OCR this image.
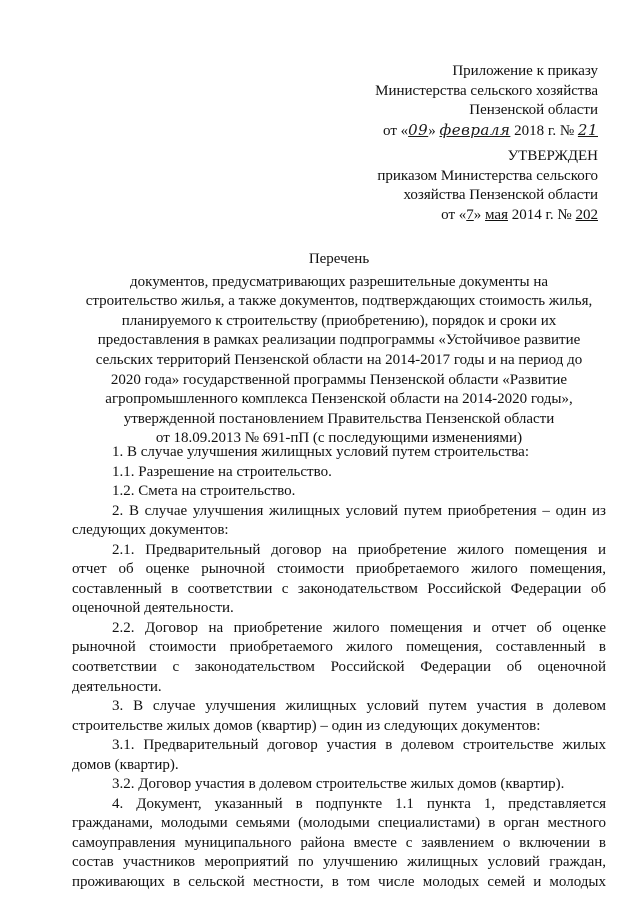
Приложение к приказу
Министерства сельского хозяйства
Пензенской области
от «09» февраля 2018 г. № 21
УТВЕРЖДЕН
приказом Министерства сельского
хозяйства Пензенской области
от «7» мая 2014 г. № 202
Перечень
документов, предусматривающих разрешительные документы на
строительство жилья, а также документов, подтверждающих стоимость жилья,
планируемого к строительству (приобретению), порядок и сроки их
предоставления в рамках реализации подпрограммы «Устойчивое развитие
сельских территорий Пензенской области на 2014-2017 годы и на период до
2020 года» государственной программы Пензенской области «Развитие
агропромышленного комплекса Пензенской области на 2014-2020 годы»,
утвержденной постановлением Правительства Пензенской области
от 18.09.2013 № 691-пП (с последующими изменениями)
1. В случае улучшения жилищных условий путем строительства:
1.1. Разрешение на строительство.
1.2. Смета на строительство.
2. В случае улучшения жилищных условий путем приобретения – один из
следующих документов:
2.1. Предварительный договор на приобретение жилого помещения и
отчет об оценке рыночной стоимости приобретаемого жилого помещения,
составленный в соответствии с законодательством Российской Федерации об
оценочной деятельности.
2.2. Договор на приобретение жилого помещения и отчет об оценке
рыночной стоимости приобретаемого жилого помещения, составленный в
соответствии с законодательством Российской Федерации об оценочной
деятельности.
3. В случае улучшения жилищных условий путем участия в долевом
строительстве жилых домов (квартир) – один из следующих документов:
3.1. Предварительный договор участия в долевом строительстве жилых
домов (квартир).
3.2. Договор участия в долевом строительстве жилых домов (квартир).
4. Документ, указанный в подпункте 1.1 пункта 1, представляется
гражданами, молодыми семьями (молодыми специалистами) в орган местного
самоуправления муниципального района вместе с заявлением о включении в
состав участников мероприятий по улучшению жилищных условий граждан,
проживающих в сельской местности, в том числе молодых семей и молодых
